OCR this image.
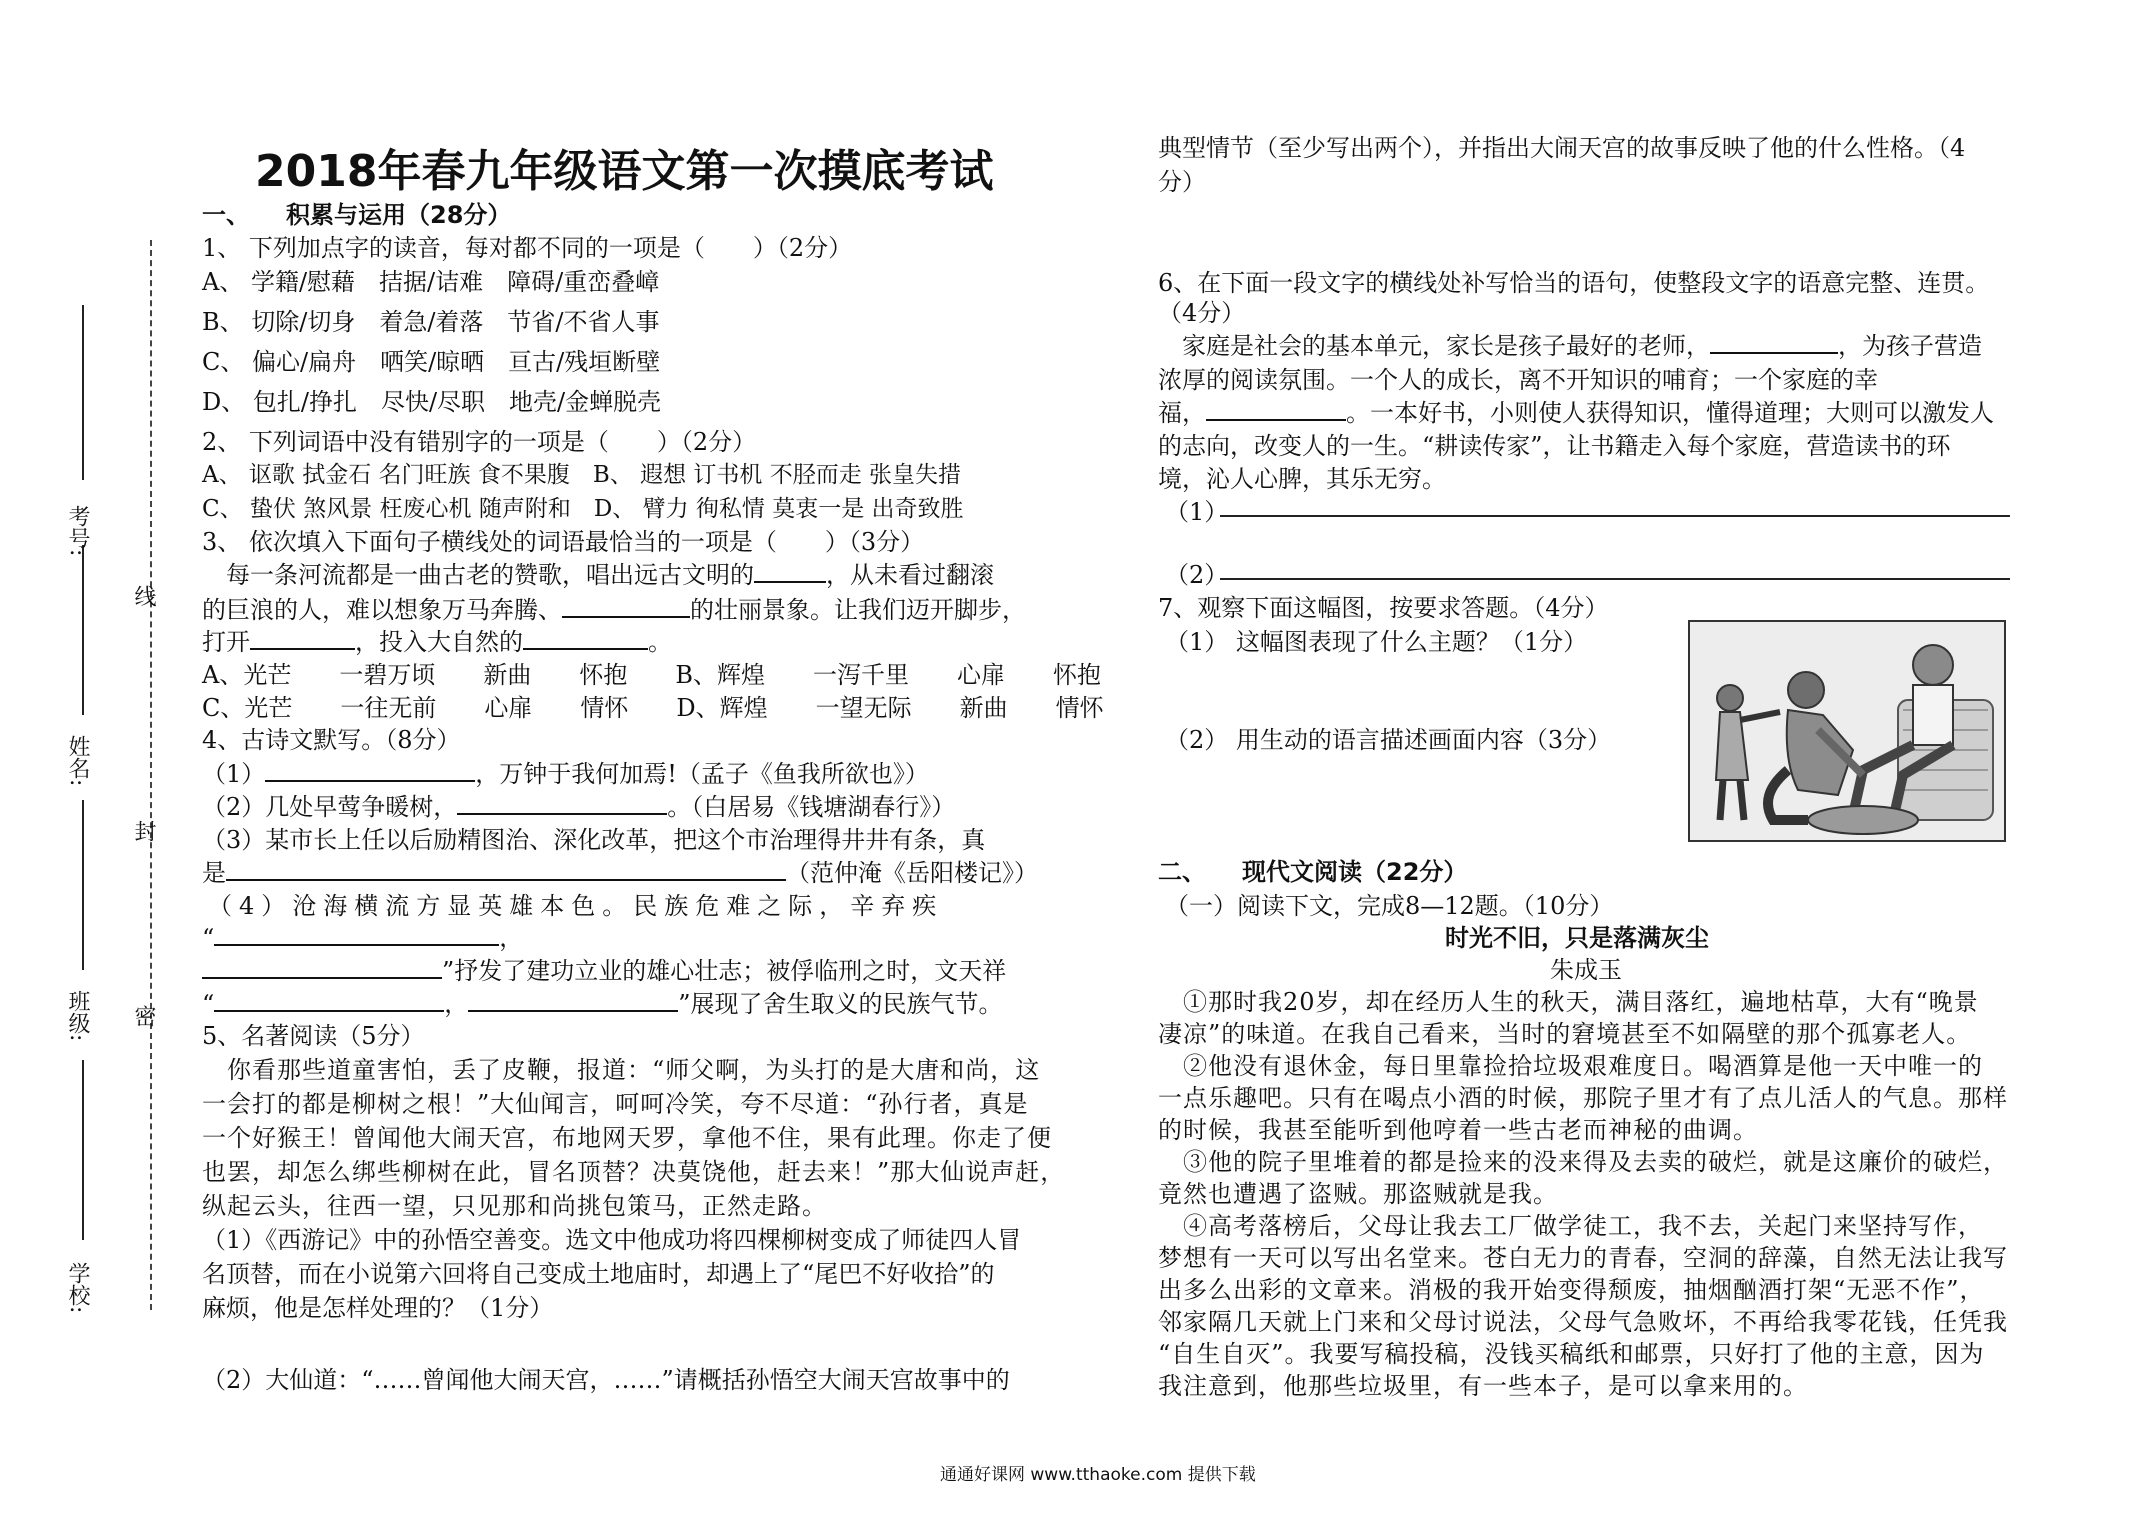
2018年春九年级语文第一次摸底考试
学校:
班级:
姓名:
考号:
密
封
线
一、　　积累与运用（28分）
1、 下列加点字的读音，每对都不同的一项是（　　）（2分）
A、 学籍/慰藉　拮据/诘难　障碍/重峦叠嶂
B、 切除/切身　着急/着落　节省/不省人事
C、 偏心/扁舟　哂笑/晾晒　亘古/残垣断壁
D、 包扎/挣扎　尽快/尽职　地壳/金蝉脱壳
2、 下列词语中没有错别字的一项是（　　）（2分）
A、 讴歌 拭金石 名门旺族 食不果腹　B、 遐想 订书机 不胫而走 张皇失措
C、 蛰伏 煞风景 枉废心机 随声附和　D、 臂力 徇私情 莫衷一是 出奇致胜
3、 依次填入下面句子横线处的词语最恰当的一项是（　　）（3分）
　每一条河流都是一曲古老的赞歌，唱出远古文明的	，从未看过翻滚
的巨浪的人，难以想象万马奔腾、	的壮丽景象。让我们迈开脚步，
打开	，投入大自然的	。
A、光芒　　一碧万顷　　新曲　　怀抱　　B、辉煌　　一泻千里　　心扉　　怀抱
C、光芒　　一往无前　　心扉　　情怀　　D、辉煌　　一望无际　　新曲　　情怀
4、古诗文默写。（8分）
（1）	，万钟于我何加焉!（孟子《鱼我所欲也》）
（2）几处早莺争暖树，	。（白居易《钱塘湖春行》）
（3）某市长上任以后励精图治、深化改革，把这个市治理得井井有条，真
是	（范仲淹《岳阳楼记》）
（4）沧海横流方显英雄本色。民族危难之际，辛弃疾
“	，
”抒发了建功立业的雄心壮志；被俘临刑之时，文天祥
“	，	”展现了舍生取义的民族气节。
5、名著阅读（5分）
　你看那些道童害怕，丢了皮鞭，报道：“师父啊，为头打的是大唐和尚，这
一会打的都是柳树之根！”大仙闻言，呵呵冷笑，夸不尽道：“孙行者，真是
一个好猴王！曾闻他大闹天宫，布地网天罗，拿他不住，果有此理。你走了便
也罢，却怎么绑些柳树在此，冒名顶替？决莫饶他，赶去来！”那大仙说声赶，
纵起云头，往西一望，只见那和尚挑包策马，正然走路。
（1）《西游记》中的孙悟空善变。选文中他成功将四棵柳树变成了师徒四人冒
名顶替，而在小说第六回将自己变成土地庙时，却遇上了“尾巴不好收拾”的
麻烦，他是怎样处理的？（1分）
（2）大仙道：“……曾闻他大闹天宫，……”请概括孙悟空大闹天宫故事中的
典型情节（至少写出两个），并指出大闹天宫的故事反映了他的什么性格。（4
分）
6、在下面一段文字的横线处补写恰当的语句，使整段文字的语意完整、连贯。
（4分）
　家庭是社会的基本单元，家长是孩子最好的老师，	，为孩子营造
浓厚的阅读氛围。一个人的成长，离不开知识的哺育；一个家庭的幸
福，	。一本好书，小则使人获得知识，懂得道理；大则可以激发人
的志向，改变人的一生。“耕读传家”，让书籍走入每个家庭，营造读书的环
境，沁人心脾，其乐无穷。
（1）
（2）
7、观察下面这幅图，按要求答题。（4分）
（1） 这幅图表现了什么主题？（1分）
（2） 用生动的语言描述画面内容（3分）
二、　　现代文阅读（22分）
（一）阅读下文，完成8—12题。（10分）
时光不旧，只是落满灰尘
朱成玉
　①那时我20岁，却在经历人生的秋天，满目落红，遍地枯草，大有“晚景
凄凉”的味道。在我自己看来，当时的窘境甚至不如隔壁的那个孤寡老人。
　②他没有退休金，每日里靠捡拾垃圾艰难度日。喝酒算是他一天中唯一的
一点乐趣吧。只有在喝点小酒的时候，那院子里才有了点儿活人的气息。那样
的时候，我甚至能听到他哼着一些古老而神秘的曲调。
　③他的院子里堆着的都是捡来的没来得及去卖的破烂，就是这廉价的破烂，
竟然也遭遇了盗贼。那盗贼就是我。
　④高考落榜后，父母让我去工厂做学徒工，我不去，关起门来坚持写作，
梦想有一天可以写出名堂来。苍白无力的青春，空洞的辞藻，自然无法让我写
出多么出彩的文章来。消极的我开始变得颓废，抽烟酗酒打架“无恶不作”，
邻家隔几天就上门来和父母讨说法，父母气急败坏，不再给我零花钱，任凭我
“自生自灭”。我要写稿投稿，没钱买稿纸和邮票，只好打了他的主意，因为
我注意到，他那些垃圾里，有一些本子，是可以拿来用的。
通通好课网 www.tthaoke.com 提供下载
